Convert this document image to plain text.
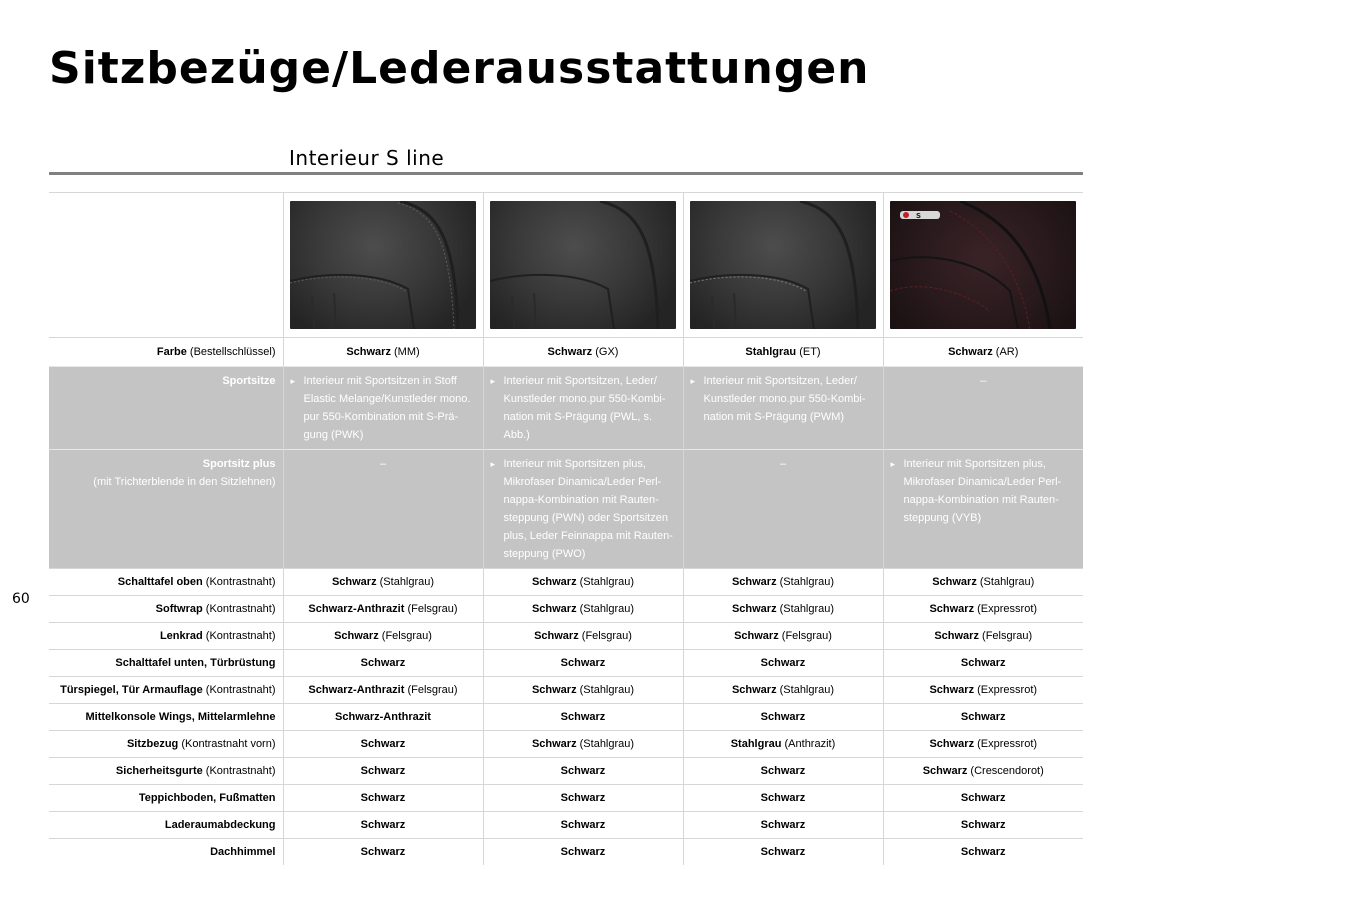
Sitzbezüge/Lederausstattungen
Interieur S line
60

S

Farbe (Bestellschlüssel)	Schwarz (MM)	Schwarz (GX)	Stahlgrau (ET)	Schwarz (AR)
Sportsitze	▸ Interieur mit Sportsitzen in Stoff Elastic Melange/Kunstleder mono. pur 550-Kombination mit S-Prä-gung (PWK)	▸ Interieur mit Sportsitzen, Leder/ Kunstleder mono.pur 550-Kombi-nation mit S-Prägung (PWL, s. Abb.)	▸ Interieur mit Sportsitzen, Leder/ Kunstleder mono.pur 550-Kombi-nation mit S-Prägung (PWM)	–
Sportsitz plus
(mit Trichterblende in den Sitzlehnen)	–	▸ Interieur mit Sportsitzen plus, Mikrofaser Dinamica/Leder Perl-nappa-Kombination mit Rauten-steppung (PWN) oder Sportsitzen plus, Leder Feinnappa mit Rauten-steppung (PWO)	–	▸ Interieur mit Sportsitzen plus, Mikrofaser Dinamica/Leder Perl-nappa-Kombination mit Rauten-steppung (VYB)

Schalttafel oben (Kontrastnaht)	Schwarz (Stahlgrau)	Schwarz (Stahlgrau)	Schwarz (Stahlgrau)	Schwarz (Stahlgrau)
Softwrap (Kontrastnaht)	Schwarz-Anthrazit (Felsgrau)	Schwarz (Stahlgrau)	Schwarz (Stahlgrau)	Schwarz (Expressrot)
Lenkrad (Kontrastnaht)	Schwarz (Felsgrau)	Schwarz (Felsgrau)	Schwarz (Felsgrau)	Schwarz (Felsgrau)
Schalttafel unten, Türbrüstung	Schwarz	Schwarz	Schwarz	Schwarz
Türspiegel, Tür Armauflage (Kontrastnaht)	Schwarz-Anthrazit (Felsgrau)	Schwarz (Stahlgrau)	Schwarz (Stahlgrau)	Schwarz (Expressrot)
Mittelkonsole Wings, Mittelarmlehne	Schwarz-Anthrazit	Schwarz	Schwarz	Schwarz
Sitzbezug (Kontrastnaht vorn)	Schwarz	Schwarz (Stahlgrau)	Stahlgrau (Anthrazit)	Schwarz (Expressrot)
Sicherheitsgurte (Kontrastnaht)	Schwarz	Schwarz	Schwarz	Schwarz (Crescendorot)
Teppichboden, Fußmatten	Schwarz	Schwarz	Schwarz	Schwarz
Laderaumabdeckung	Schwarz	Schwarz	Schwarz	Schwarz
Dachhimmel	Schwarz	Schwarz	Schwarz	Schwarz
